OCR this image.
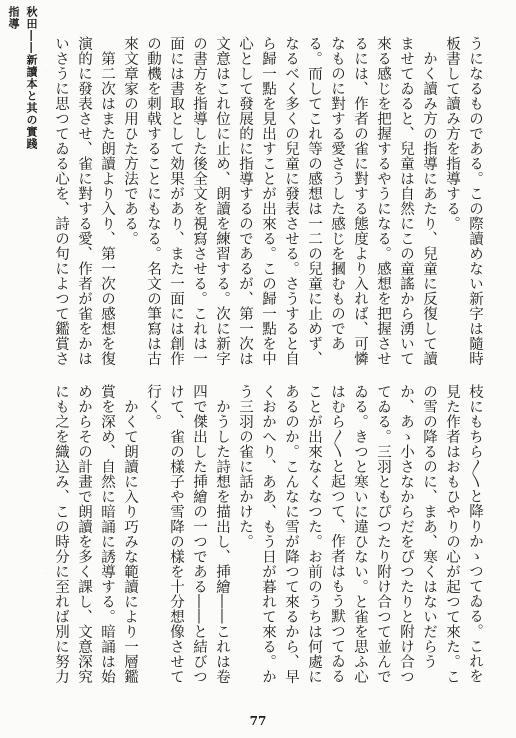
秋田――新讀本と其の實踐指導

うになるものである。この際讀めない新字は隨時板書して讀み方を指導する。

かく讀み方の指導にあたり、兒童に反復して讀ませてゐると、兒童は自然にこの童謠から湧いて來る感じを把握するやうになる。感想を把握させるには、作者の雀に對する態度より入れば、可憐なものに對する愛さうした感じを摑むものである。而してこれ等の感想は一二の兒童に止めず、なるべく多くの兒童に發表させる。さうすると自ら歸一點を見出すことが出來る。この歸一點を中心として發展的に指導するのであるが、第一次は文意はこれ位に止め、朗讀を練習する。次に新字の書方を指導した後全文を視寫させる。これは一面には書取として効果があり、また一面には創作の動機を刺戟することにもなる。名文の筆寫は古來文章家の用ひた方法である。

第二次はまた朗讀より入り、第一次の感想を復演的に發表させ、雀に對する愛、作者が雀をかはいさうに思つてゐる心を、詩の句によつて鑑賞さ

枝にもちら〳〵と降りかゝつてゐる。これを見た作者はおもひやりの心が起つて來た。この雪の降るのに、まあ、寒くはないだらうか、あゝ小さなからだをぴつたりと附け合つてゐる。三羽ともぴつたり附け合つて並んでゐる。きつと寒いに違ひない。と雀を思ふ心はむら〳〵と起つて、作者はもう默つてゐることが出來なくなつた。お前のうちは何處にあるのか。こんなに雪が降つて來るから、早くおかへり、ああ、もう日が暮れて來る。かう三羽の雀に話かけた。

かうした詩想を描出し、挿繪――これは卷四で傑出した挿繪の一つである――と結びつけて、雀の樣子や雪降の樣を十分想像させて行く。

かくて朗讀に入り巧みな範讀により一層鑑賞を深め、自然に暗誦に誘導する。暗誦は始めからその計畫で朗讀を多く課し、文意深究にも之を織込み、この時分に至れば別に努力

77
